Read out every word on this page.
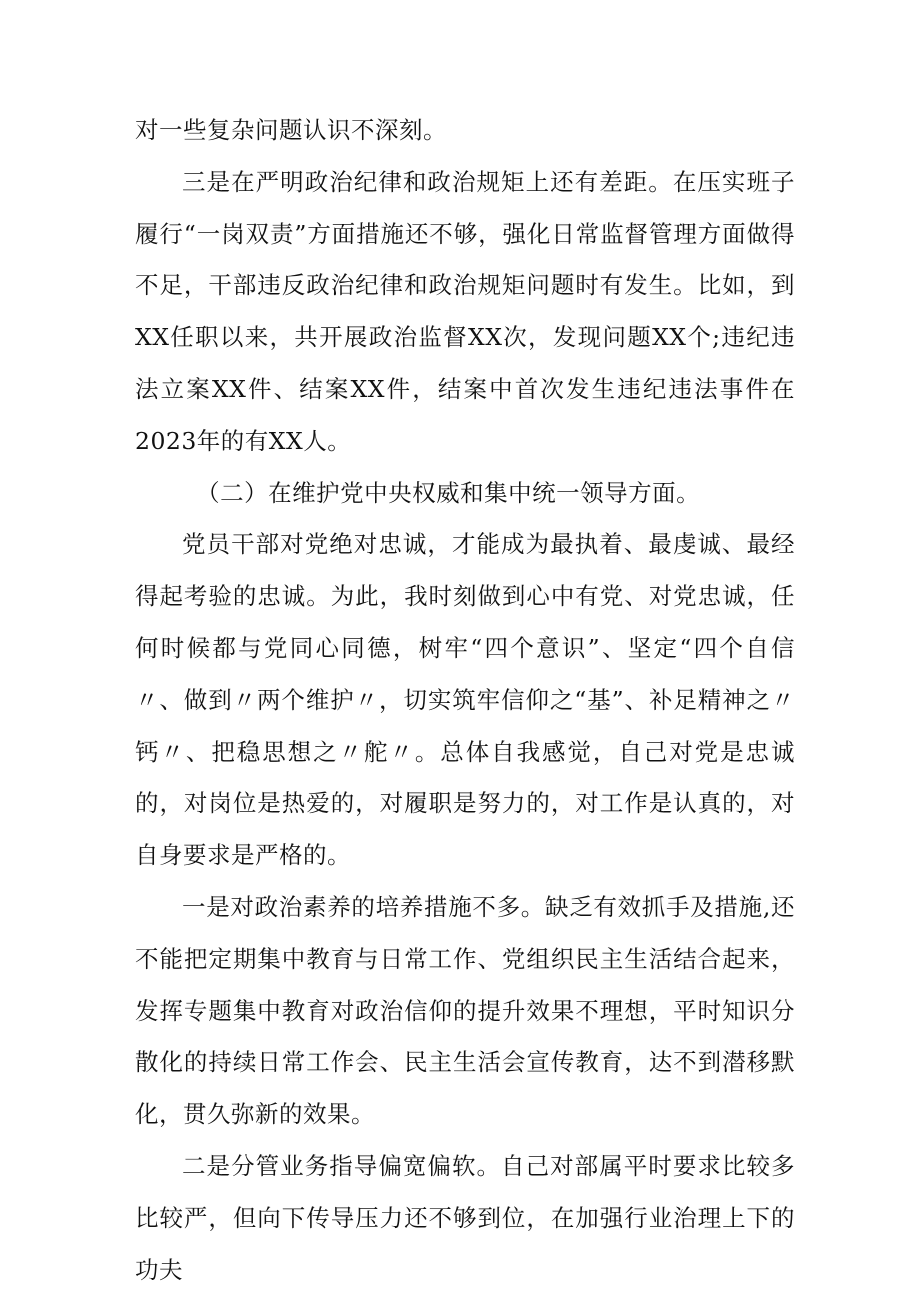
对一些复杂问题认识不深刻。

三是在严明政治纪律和政治规矩上还有差距。在压实班子履行“一岗双责”方面措施还不够，强化日常监督管理方面做得不足，干部违反政治纪律和政治规矩问题时有发生。比如，到XX任职以来，共开展政治监督XX次，发现问题XX个;违纪违法立案XX件、结案XX件，结案中首次发生违纪违法事件在2023年的有XX人。

（二）在维护党中央权威和集中统一领导方面。

党员干部对党绝对忠诚，才能成为最执着、最虔诚、最经得起考验的忠诚。为此，我时刻做到心中有党、对党忠诚，任何时候都与党同心同德，树牢“四个意识”、坚定“四个自信〃、做到〃两个维护〃，切实筑牢信仰之“基”、补足精神之〃钙〃、把稳思想之〃舵〃。总体自我感觉，自己对党是忠诚的，对岗位是热爱的，对履职是努力的，对工作是认真的，对自身要求是严格的。

一是对政治素养的培养措施不多。缺乏有效抓手及措施,还不能把定期集中教育与日常工作、党组织民主生活结合起来，发挥专题集中教育对政治信仰的提升效果不理想，平时知识分散化的持续日常工作会、民主生活会宣传教育，达不到潜移默化，贯久弥新的效果。

二是分管业务指导偏宽偏软。自己对部属平时要求比较多比较严，但向下传导压力还不够到位，在加强行业治理上下的功夫
